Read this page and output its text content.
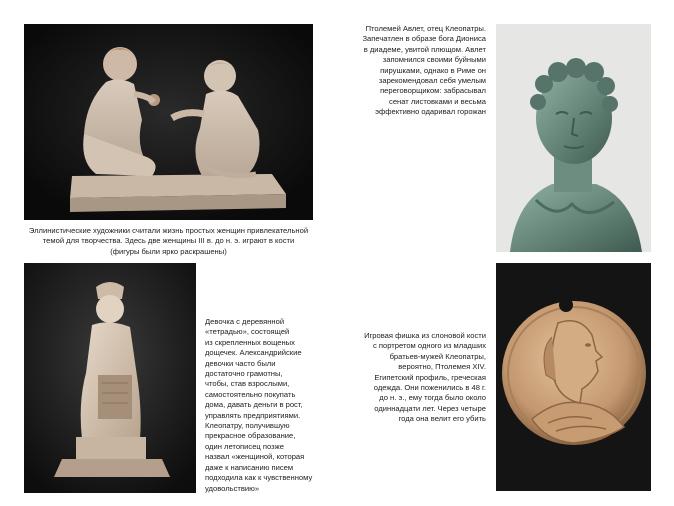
Эллинистические художники считали жизнь простых женщин привлекательной
темой для творчества. Здесь две женщины III в. до н. э. играют в кости
(фигуры были ярко раскрашены)
Птолемей Авлет, отец Клеопатры.
Запечатлен в образе бога Диониса
в диадеме, увитой плющом. Авлет
запомнился своими буйными
пирушками, однако в Риме он
зарекомендовал себя умелым
переговорщиком: забрасывал
сенат листовками и весьма
эффективно одаривал горожан
Девочка с деревянной
«тетрадью», состоящей
из скрепленных вощеных
дощечек. Александрийские
девочки часто были
достаточно грамотны,
чтобы, став взрослыми,
самостоятельно покупать
дома, давать деньги в рост,
управлять предприятиями.
Клеопатру, получившую
прекрасное образование,
один летописец позже
назвал «женщиной, которая
даже к написанию писем
подходила как к чувственному
удовольствию»
Игровая фишка из слоновой кости
с портретом одного из младших
братьев-мужей Клеопатры,
вероятно, Птолемея XIV.
Египетский профиль, греческая
одежда. Они поженились в 48 г.
до н. э., ему тогда было около
одиннадцати лет. Через четыре
года она велит его убить
